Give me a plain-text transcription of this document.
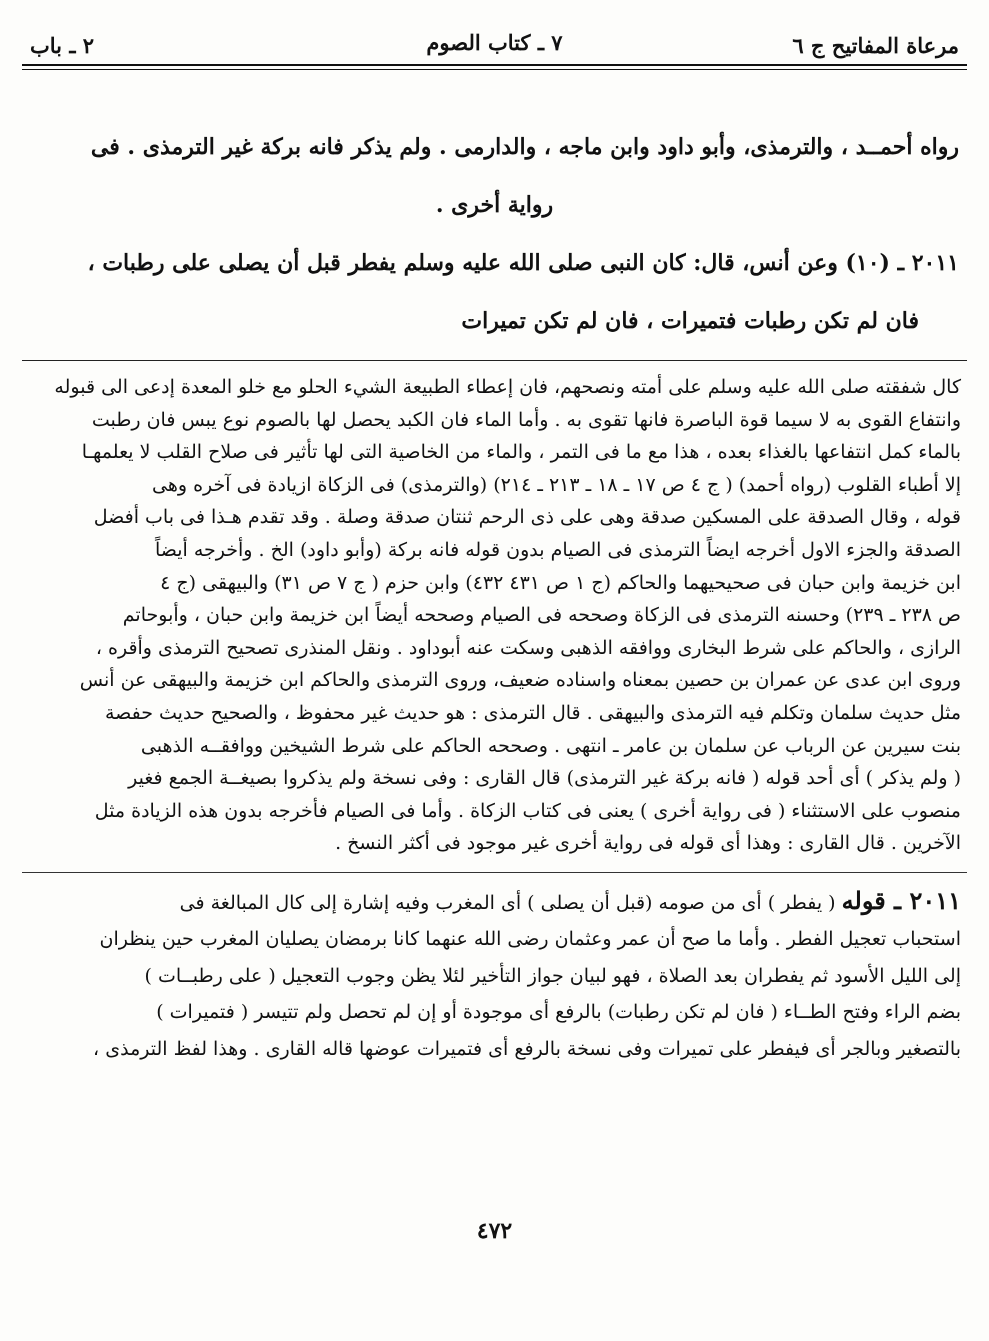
مرعاة المفاتيح ج ٦
٧ ـ كتاب الصوم
٢ ـ باب

رواه أحمــد ، والترمذى، وأبو داود وابن ماجه ، والدارمى . ولم يذكر فانه بركة غير الترمذى . فى

رواية أخرى .

٢٠١١ ـ (١٠) وعن أنس، قال: كان النبى صلى الله عليه وسلم يفطر قبل أن يصلى على رطبات ،

فان لم تكن رطبات فتميرات ، فان لم تكن تميرات

كال شفقته صلى الله عليه وسلم على أمته ونصحهم، فان إعطاء الطبيعة الشيء الحلو مع خلو المعدة إدعى الى قبوله

وانتفاع القوى به لا سيما قوة الباصرة فانها تقوى به . وأما الماء فان الكبد يحصل لها بالصوم نوع يبس فان رطبت

بالماء كمل انتفاعها بالغذاء بعده ، هذا مع ما فى التمر ، والماء من الخاصية التى لها تأثير فى صلاح القلب لا يعلمهـا

إلا أطباء القلوب (رواه أحمد) ( ج ٤ ص ١٧ ـ ١٨ ـ ٢١٣ ـ ٢١٤) (والترمذى) فى الزكاة ازيادة فى آخره وهى

قوله ، وقال الصدقة على المسكين صدقة وهى على ذى الرحم ثنتان صدقة وصلة . وقد تقدم هـذا فى باب أفضل

الصدقة والجزء الاول أخرجه ايضاً الترمذى فى الصيام بدون قوله فانه بركة (وأبو داود) الخ . وأخرجه أيضاً

ابن خزيمة وابن حبان فى صحيحيهما والحاكم (ج ١ ص ٤٣١ ٤٣٢) وابن حزم ( ج ٧ ص ٣١) والبيهقى (ج ٤

ص ٢٣٨ ـ ٢٣٩) وحسنه الترمذى فى الزكاة وصححه فى الصيام وصححه أيضاً ابن خزيمة وابن حبان ، وأبوحاتم

الرازى ، والحاكم على شرط البخارى ووافقه الذهبى وسكت عنه أبوداود . ونقل المنذرى تصحيح الترمذى وأقره ،

وروى ابن عدى عن عمران بن حصين بمعناه واسناده ضعيف، وروى الترمذى والحاكم ابن خزيمة والبيهقى عن أنس

مثل حديث سلمان وتكلم فيه الترمذى والبيهقى . قال الترمذى : هو حديث غير محفوظ ، والصحيح حديث حفصة

بنت سيرين عن الرباب عن سلمان بن عامر ـ انتهى . وصححه الحاكم على شرط الشيخين ووافقــه الذهبى

( ولم يذكر ) أى أحد قوله ( فانه بركة غير الترمذى) قال القارى : وفى نسخة ولم يذكروا بصيغــة الجمع فغير

منصوب على الاستثناء ( فى رواية أخرى ) يعنى فى كتاب الزكاة . وأما فى الصيام فأخرجه بدون هذه الزيادة مثل

الآخرين . قال القارى : وهذا أى قوله فى رواية أخرى غير موجود فى أكثر النسخ .

٢٠١١ ـ قوله ( يفطر ) أى من صومه (قبل أن يصلى ) أى المغرب وفيه إشارة إلى كال المبالغة فى

استحباب تعجيل الفطر . وأما ما صح أن عمر وعثمان رضى الله عنهما كانا برمضان يصليان المغرب حين ينظران

إلى الليل الأسود ثم يفطران بعد الصلاة ، فهو لبيان جواز التأخير لئلا يظن وجوب التعجيل ( على رطبــات )

بضم الراء وفتح الطــاء ( فان لم تكن رطبات) بالرفع أى موجودة أو إن لم تحصل ولم تتيسر ( فتميرات )

بالتصغير وبالجر أى فيفطر على تميرات وفى نسخة بالرفع أى فتميرات عوضها قاله القارى . وهذا لفظ الترمذى ،

٤٧٢
